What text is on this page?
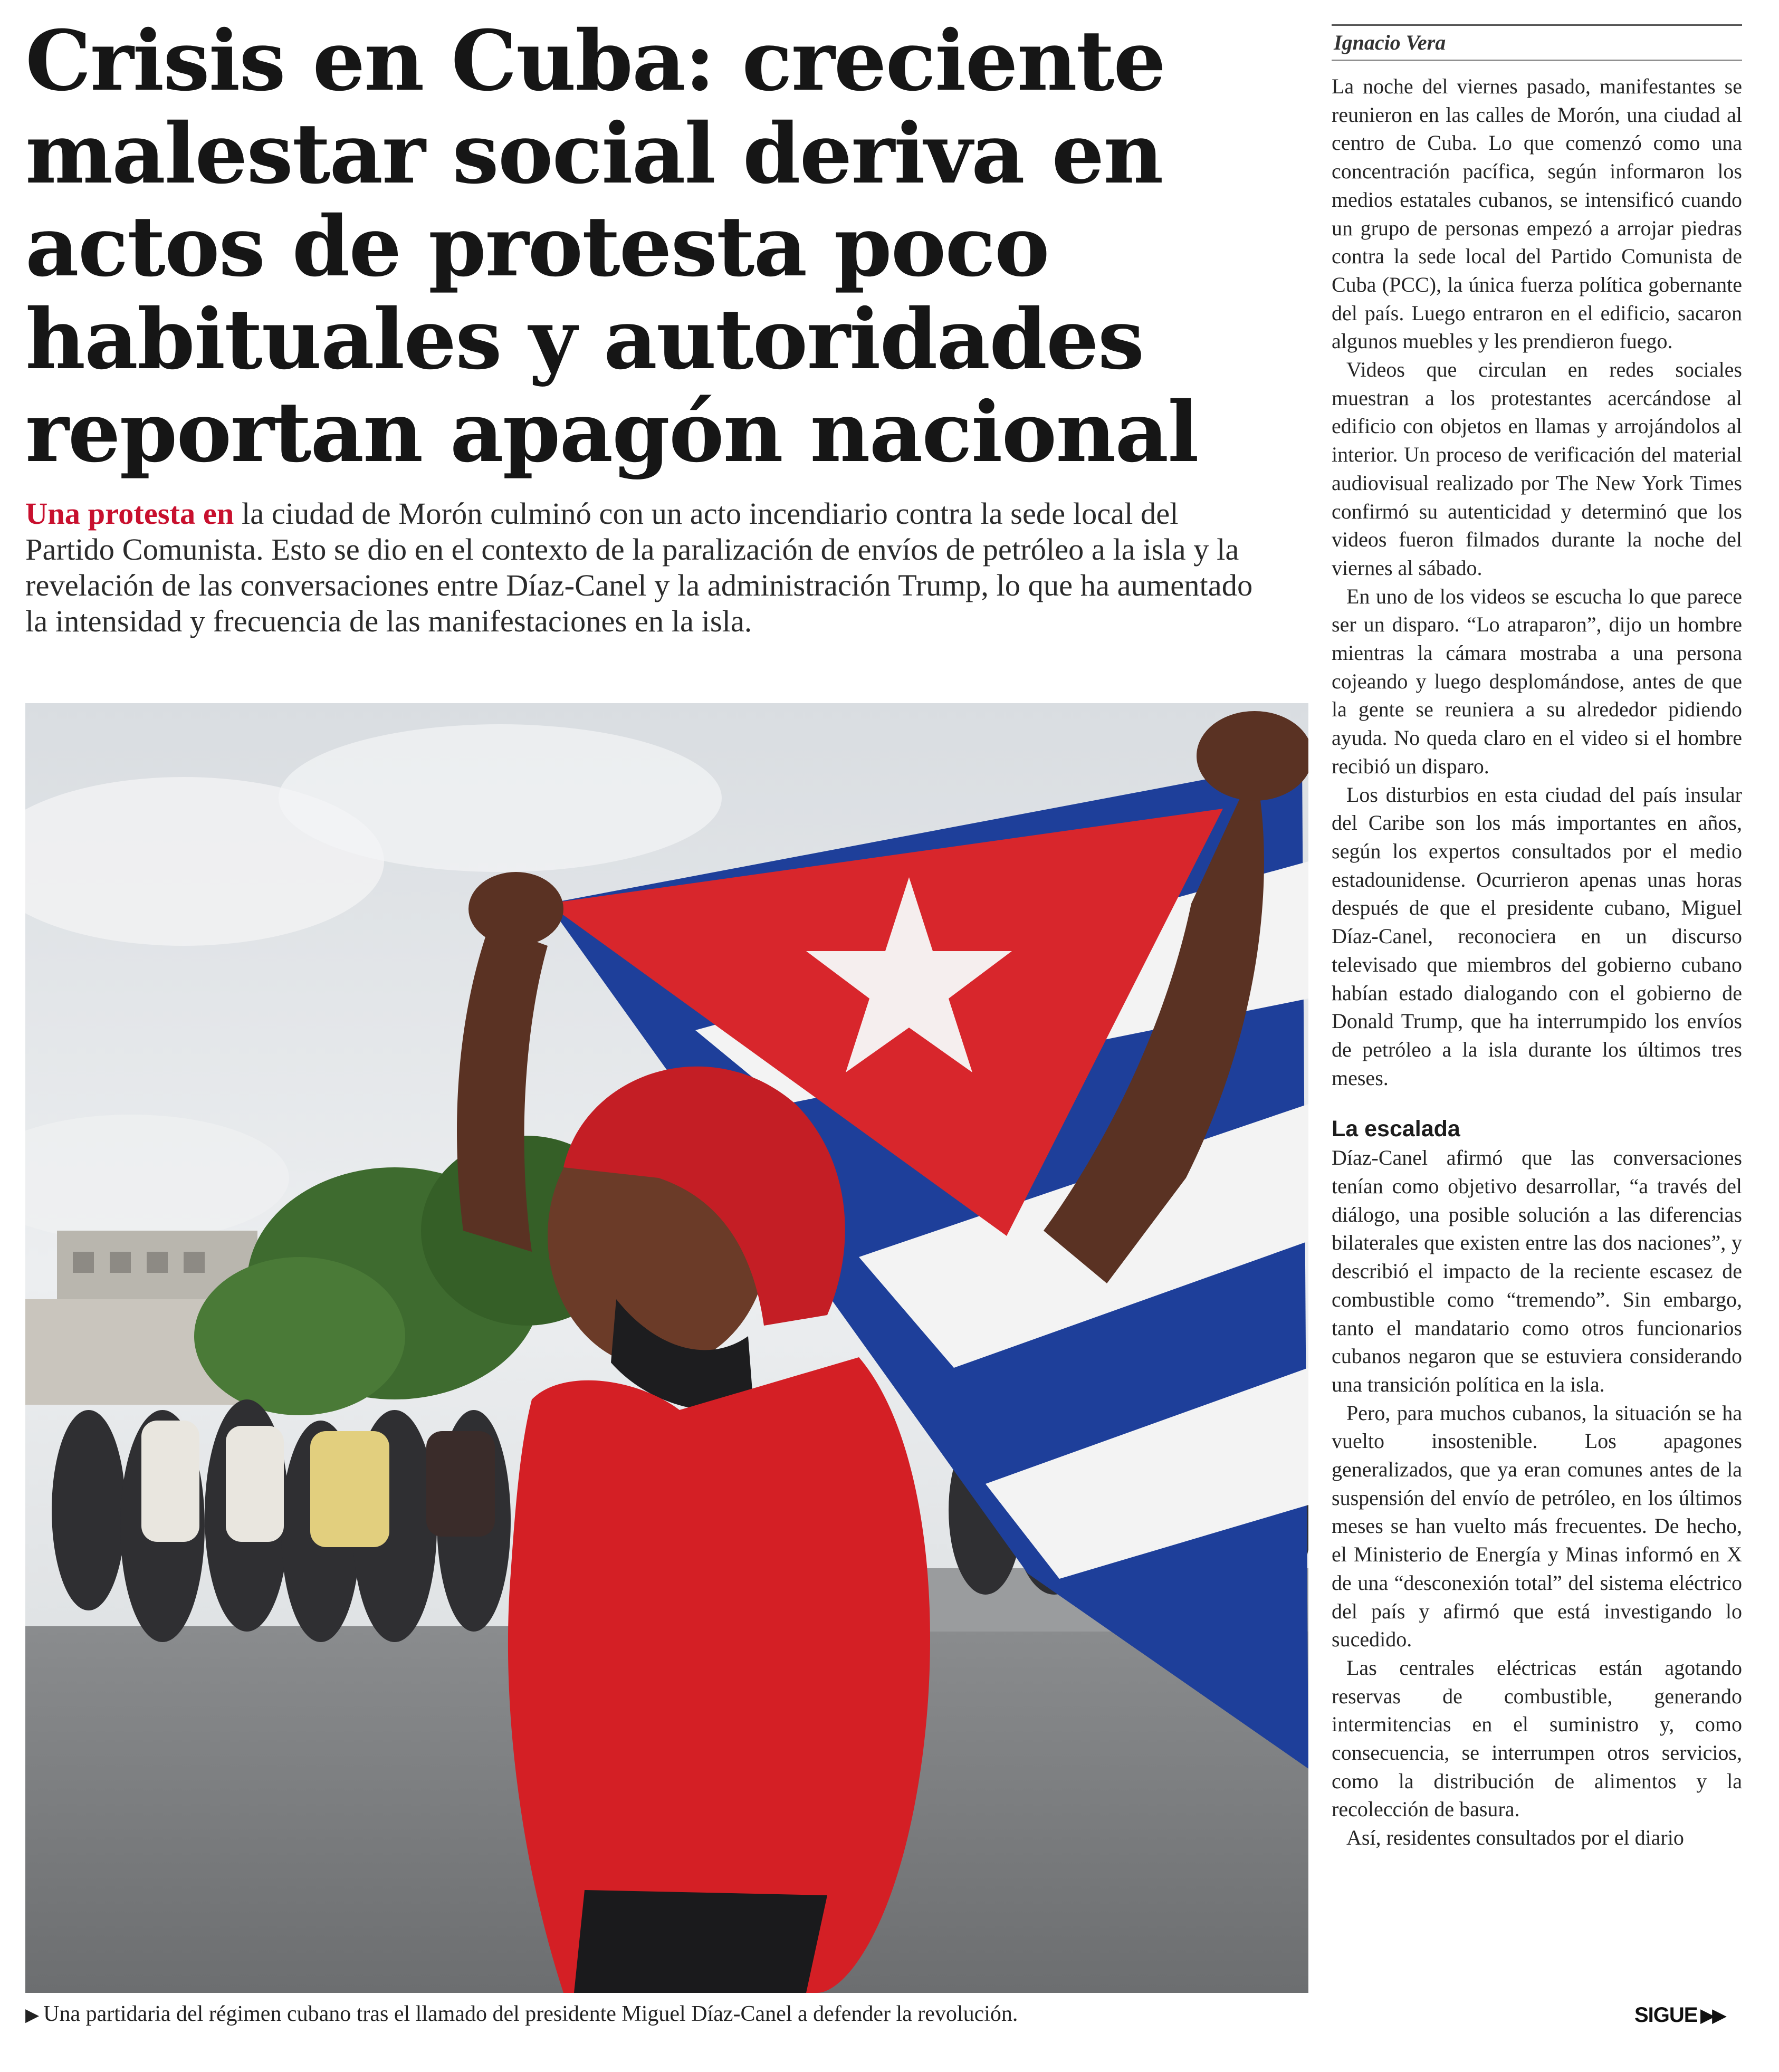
Crisis en Cuba: creciente malestar social deriva en actos de protesta poco habituales y autoridades reportan apagón nacional

Una protesta en la ciudad de Morón culminó con un acto incendiario contra la sede local del Partido Comunista. Esto se dio en el contexto de la paralización de envíos de petróleo a la isla y la revelación de las conversaciones entre Díaz-Canel y la administración Trump, lo que ha aumentado la intensidad y frecuencia de las manifestaciones en la isla.

▶ Una partidaria del régimen cubano tras el llamado del presidente Miguel Díaz-Canel a defender la revolución.

Ignacio Vera

La noche del viernes pasado, manifestantes se reunieron en las calles de Morón, una ciudad al centro de Cuba. Lo que comenzó como una concentración pacífica, según informaron los medios estatales cubanos, se intensificó cuando un grupo de personas empezó a arrojar piedras contra la sede local del Partido Comunista de Cuba (PCC), la única fuerza política gobernante del país. Luego entraron en el edificio, sacaron algunos muebles y les prendieron fuego.

Videos que circulan en redes sociales muestran a los protestantes acercándose al edificio con objetos en llamas y arrojándolos al interior. Un proceso de verificación del material audiovisual realizado por The New York Times confirmó su autenticidad y determinó que los videos fueron filmados durante la noche del viernes al sábado.

En uno de los videos se escucha lo que parece ser un disparo. “Lo atraparon”, dijo un hombre mientras la cámara mostraba a una persona cojeando y luego desplomándose, antes de que la gente se reuniera a su alrededor pidiendo ayuda. No queda claro en el video si el hombre recibió un disparo.

Los disturbios en esta ciudad del país insular del Caribe son los más importantes en años, según los expertos consultados por el medio estadounidense. Ocurrieron apenas unas horas después de que el presidente cubano, Miguel Díaz-Canel, reconociera en un discurso televisado que miembros del gobierno cubano habían estado dialogando con el gobierno de Donald Trump, que ha interrumpido los envíos de petróleo a la isla durante los últimos tres meses.

La escalada

Díaz-Canel afirmó que las conversaciones tenían como objetivo desarrollar, “a través del diálogo, una posible solución a las diferencias bilaterales que existen entre las dos naciones”, y describió el impacto de la reciente escasez de combustible como “tremendo”. Sin embargo, tanto el mandatario como otros funcionarios cubanos negaron que se estuviera considerando una transición política en la isla.

Pero, para muchos cubanos, la situación se ha vuelto insostenible. Los apagones generalizados, que ya eran comunes antes de la suspensión del envío de petróleo, en los últimos meses se han vuelto más frecuentes. De hecho, el Ministerio de Energía y Minas informó en X de una “desconexión total” del sistema eléctrico del país y afirmó que está investigando lo sucedido.

Las centrales eléctricas están agotando reservas de combustible, generando intermitencias en el suministro y, como consecuencia, se interrumpen otros servicios, como la distribución de alimentos y la recolección de basura.

Así, residentes consultados por el diario

SIGUE ▶▶
